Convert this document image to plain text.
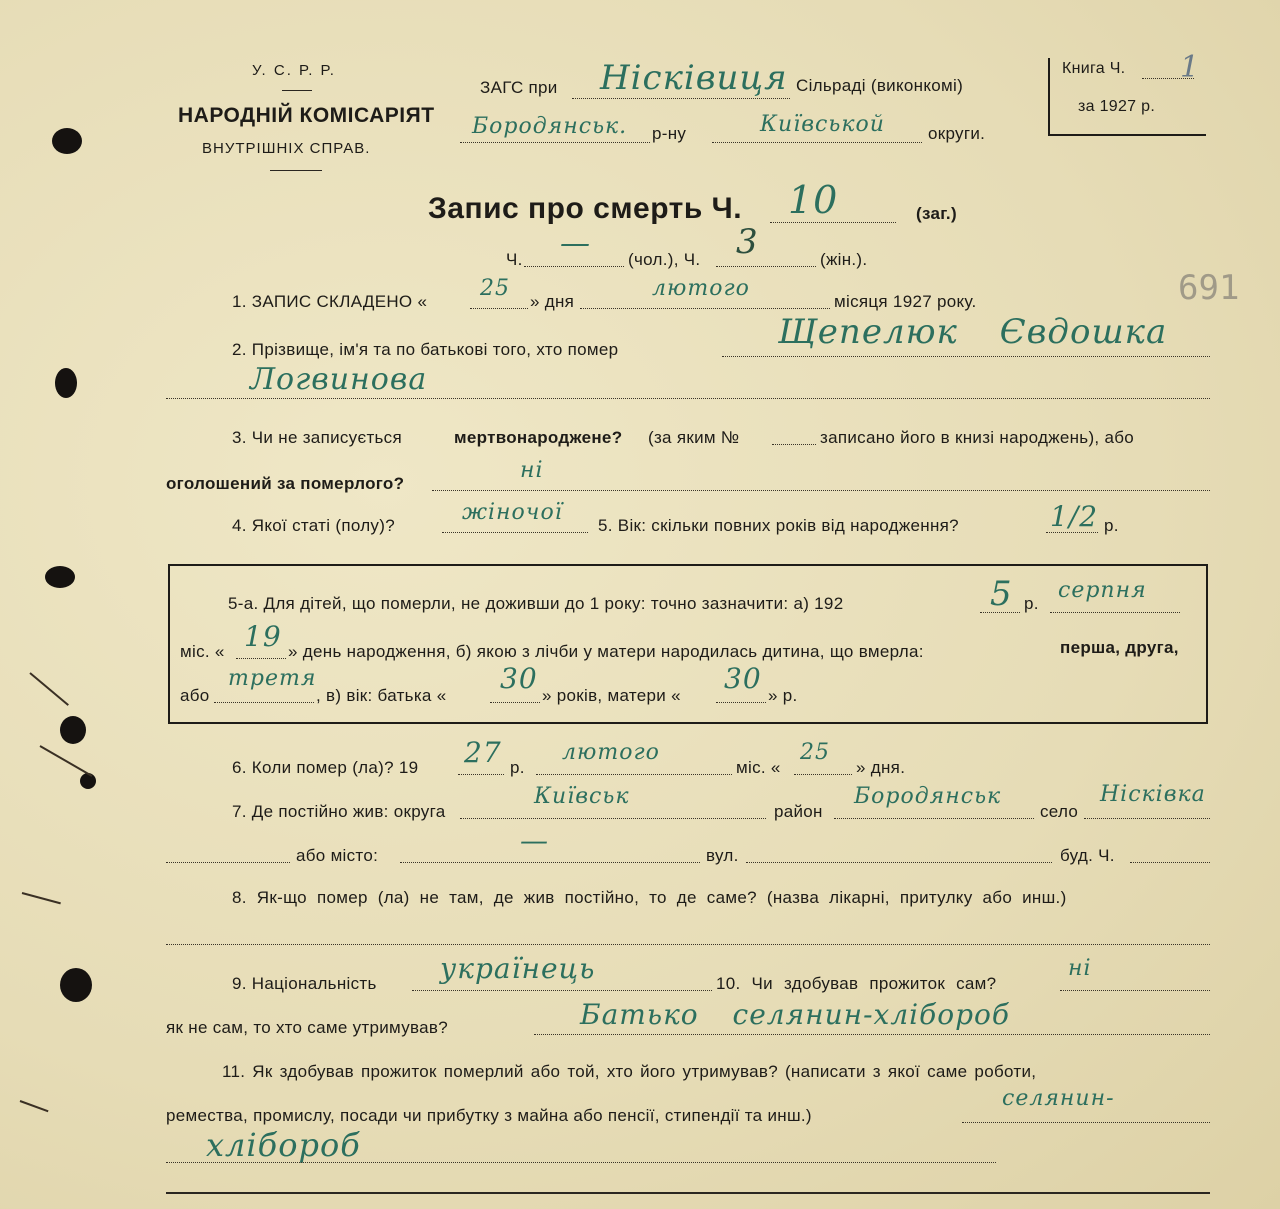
У. С. Р. Р.
НАРОДНІЙ КОМІСАРІЯТ
ВНУТРІШНІХ СПРАВ.
ЗАГС при Ніскiвиця Сільраді (виконкомі)
Бородянськ. р-ну	Київськой	округи.
Книга Ч. 1
за 1927 р.
Запис про смерть Ч. 10	(заг.)
Ч. — (чол.), Ч. 3	(жін.).
691
1. ЗАПИС СКЛАДЕНО «
25
» дня
лютого
місяця 1927 року.
2. Прізвище, ім'я та по батькові того, хто помер	Щепелюк Євдошка
Логвинова
3. Чи не записується	мертвонароджене? (за яким №	записано його в книзі народжень), або
оголошений за померлого?
ні
4. Якої статі (полу)?
жіночої
5. Вік: скільки повних років від народження?	1/2 р.
5-а. Для дітей, що померли, не доживши до 1 року: точно зазначити: а) 192	5 р.
серпня
міс. « 19 » день народження, б) якою з лічби у матери народилась дитина, що вмерла:	перша, друга,
або
третя
, в) вік: батька «
30
» років, матери «
30
» р.
6. Коли помер (ла)? 19 27 р.
лютого
міс. «
25
» дня.
7. Де постійно жив: округа
Київськ
район
Бородянськ
село
Ніскiвка
або місто:	—	вул.	буд. Ч.
8. Як-що помер (ла) не там, де жив постійно, то де саме? (назва лікарні, притулку або инш.)
9. Національність українець	10. Чи здобував прожиток сам?
ні
як не сам, то хто саме утримував?	Батько селянин-хлібороб
11. Як здобував прожиток померлий або той, хто його утримував? (написати з якої саме роботи,
ремества, промислу, посади чи прибутку з майна або пенсії, стипендії та инш.)
селянин-
хлібороб
